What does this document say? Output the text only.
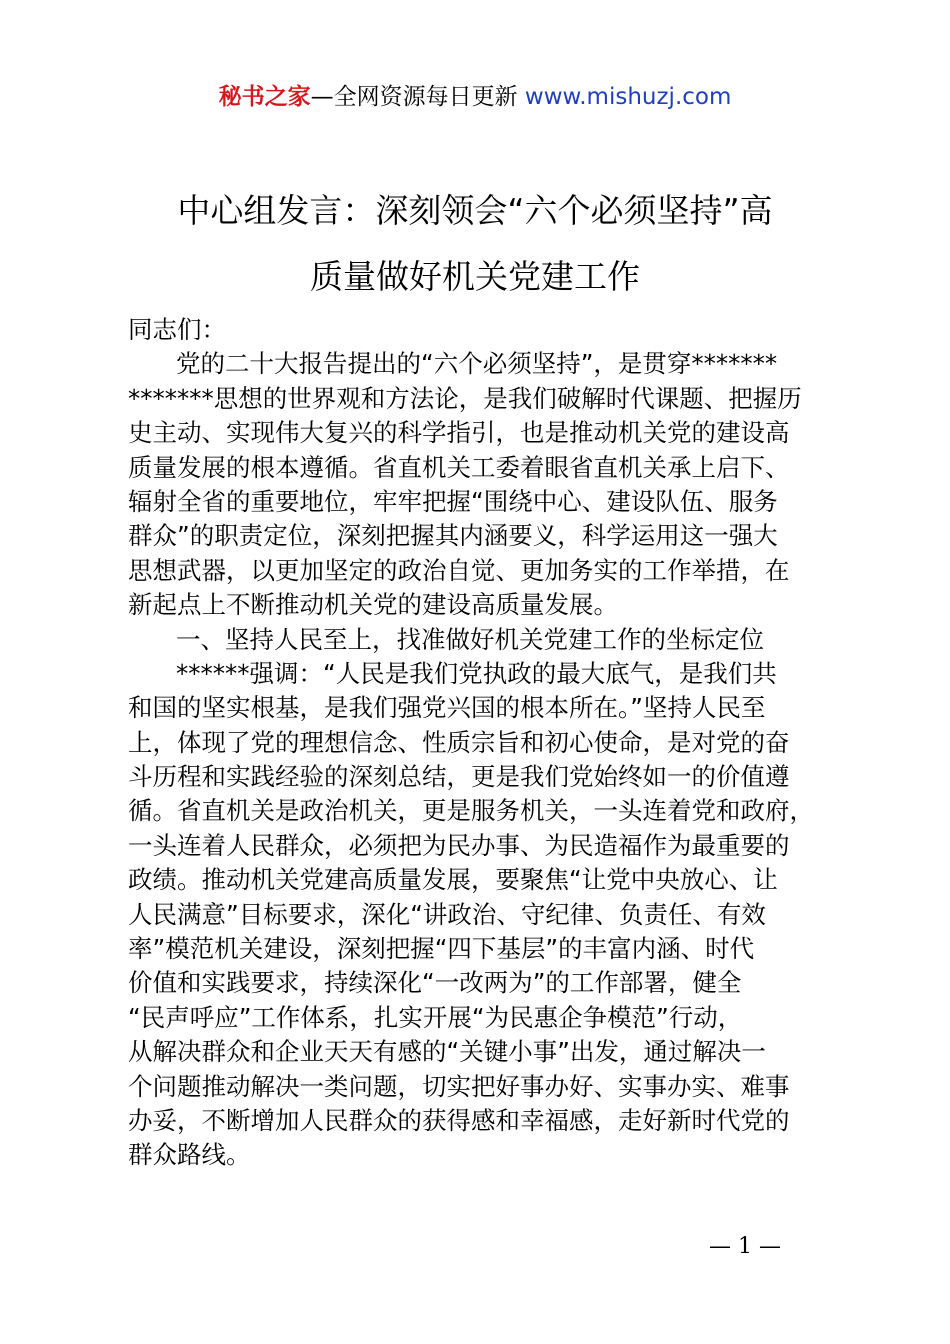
秘书之家—全网资源每日更新 www.mishuzj.com
中心组发言：深刻领会“六个必须坚持”高
质量做好机关党建工作
同志们：
党的二十大报告提出的“六个必须坚持”，是贯穿*******
*******思想的世界观和方法论，是我们破解时代课题、把握历
史主动、实现伟大复兴的科学指引，也是推动机关党的建设高
质量发展的根本遵循。省直机关工委着眼省直机关承上启下、
辐射全省的重要地位，牢牢把握“围绕中心、建设队伍、服务
群众”的职责定位，深刻把握其内涵要义，科学运用这一强大
思想武器，以更加坚定的政治自觉、更加务实的工作举措，在
新起点上不断推动机关党的建设高质量发展。
一、坚持人民至上，找准做好机关党建工作的坐标定位
******强调：“人民是我们党执政的最大底气，是我们共
和国的坚实根基，是我们强党兴国的根本所在。”坚持人民至
上，体现了党的理想信念、性质宗旨和初心使命，是对党的奋
斗历程和实践经验的深刻总结，更是我们党始终如一的价值遵
循。省直机关是政治机关，更是服务机关，一头连着党和政府，
一头连着人民群众，必须把为民办事、为民造福作为最重要的
政绩。推动机关党建高质量发展，要聚焦“让党中央放心、让
人民满意”目标要求，深化“讲政治、守纪律、负责任、有效
率”模范机关建设，深刻把握“四下基层”的丰富内涵、时代
价值和实践要求，持续深化“一改两为”的工作部署，健全
“民声呼应”工作体系，扎实开展“为民惠企争模范”行动，
从解决群众和企业天天有感的“关键小事”出发，通过解决一
个问题推动解决一类问题，切实把好事办好、实事办实、难事
办妥，不断增加人民群众的获得感和幸福感，走好新时代党的
群众路线。
— 1 —
